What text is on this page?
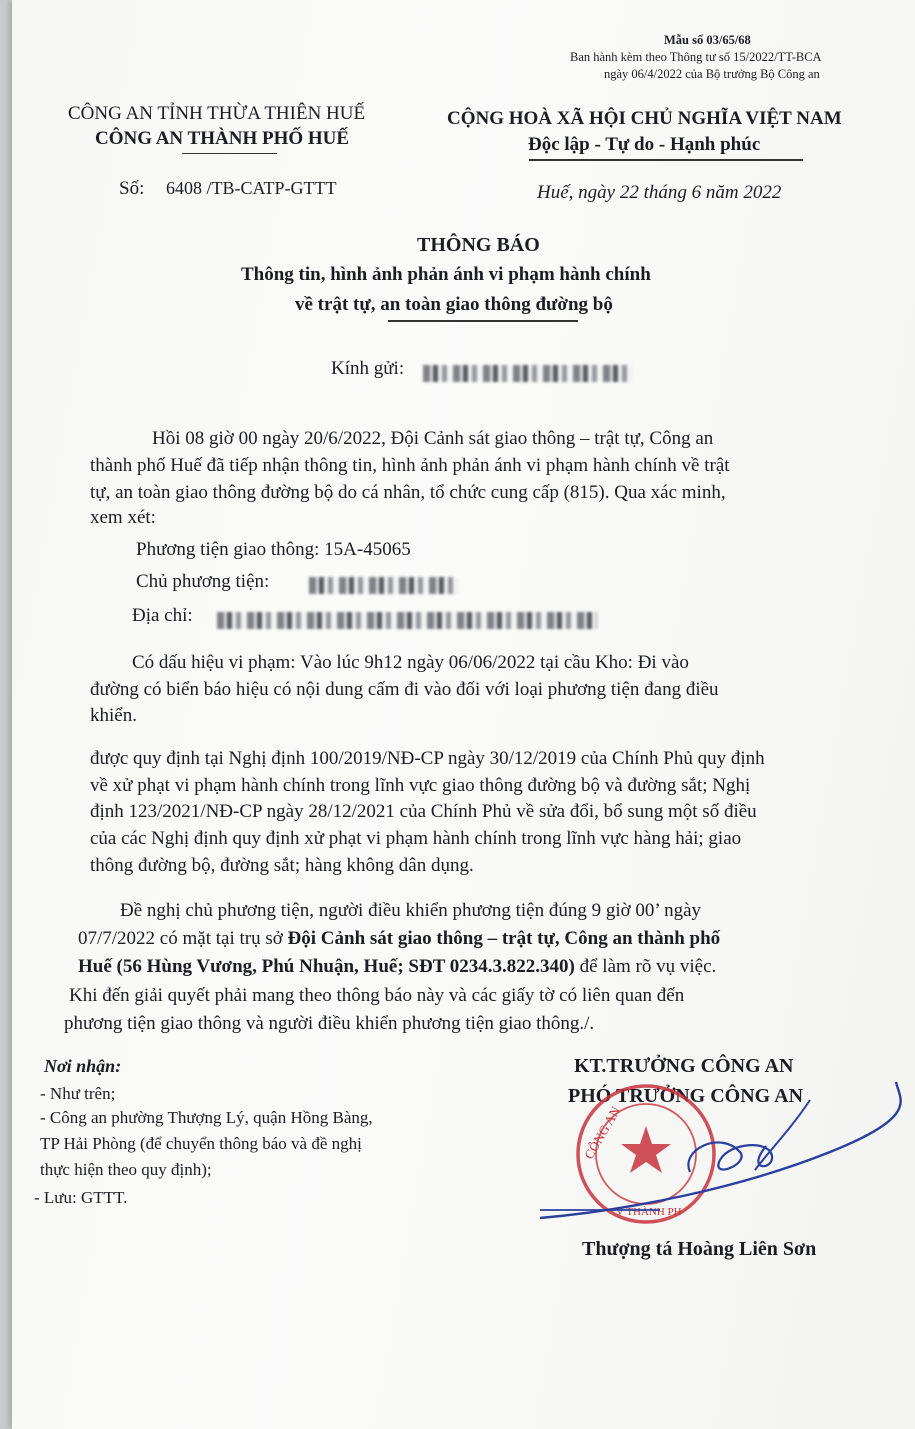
Mẫu số 03/65/68
Ban hành kèm theo Thông tư số 15/2022/TT-BCA
ngày 06/4/2022 của Bộ trưởng Bộ Công an
CÔNG AN TỈNH THỪA THIÊN HUẾ
CÔNG AN THÀNH PHỐ HUẾ
Số: 6408 /TB-CATP-GTTT
CỘNG HOÀ XÃ HỘI CHỦ NGHĨA VIỆT NAM
Độc lập - Tự do - Hạnh phúc
Huế, ngày 22 tháng 6 năm 2022
THÔNG BÁO
Thông tin, hình ảnh phản ánh vi phạm hành chính
về trật tự, an toàn giao thông đường bộ
Kính gửi:
Hồi 08 giờ 00 ngày 20/6/2022, Đội Cảnh sát giao thông – trật tự, Công an
thành phố Huế đã tiếp nhận thông tin, hình ảnh phản ánh vi phạm hành chính về trật
tự, an toàn giao thông đường bộ do cá nhân, tổ chức cung cấp (815). Qua xác minh,
xem xét:
Phương tiện giao thông: 15A-45065
Chủ phương tiện:
Địa chỉ:
Có dấu hiệu vi phạm: Vào lúc 9h12 ngày 06/06/2022 tại cầu Kho: Đi vào
đường có biển báo hiệu có nội dung cấm đi vào đối với loại phương tiện đang điều
khiển.
được quy định tại Nghị định 100/2019/NĐ-CP ngày 30/12/2019 của Chính Phủ quy định
về xử phạt vi phạm hành chính trong lĩnh vực giao thông đường bộ và đường sắt; Nghị
định 123/2021/NĐ-CP ngày 28/12/2021 của Chính Phủ về sửa đổi, bổ sung một số điều
của các Nghị định quy định xử phạt vi phạm hành chính trong lĩnh vực hàng hải; giao
thông đường bộ, đường sắt; hàng không dân dụng.
Đề nghị chủ phương tiện, người điều khiển phương tiện đúng 9 giờ 00’ ngày
07/7/2022 có mặt tại trụ sở Đội Cảnh sát giao thông – trật tự, Công an thành phố
Huế (56 Hùng Vương, Phú Nhuận, Huế; SĐT 0234.3.822.340) để làm rõ vụ việc.
Khi đến giải quyết phải mang theo thông báo này và các giấy tờ có liên quan đến
phương tiện giao thông và người điều khiển phương tiện giao thông./.
Nơi nhận:
- Như trên;
- Công an phường Thượng Lý, quận Hồng Bàng,
TP Hải Phòng (để chuyển thông báo và đề nghị
thực hiện theo quy định);
- Lưu: GTTT.
KT.TRƯỞNG CÔNG AN
PHÓ TRƯỞNG CÔNG AN
CÔNG AN
V THÀNH PH
Thượng tá Hoàng Liên Sơn
